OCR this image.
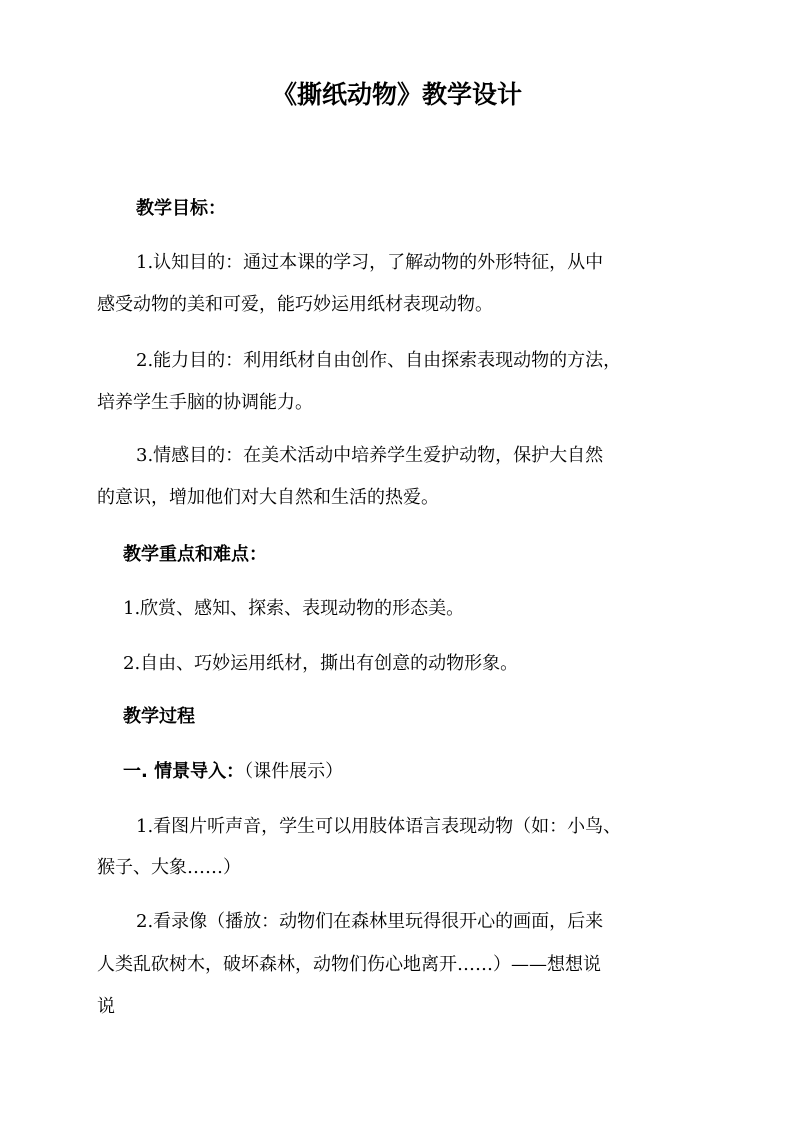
《撕纸动物》教学设计

教学目标：

1.认知目的：通过本课的学习，了解动物的外形特征，从中

感受动物的美和可爱，能巧妙运用纸材表现动物。

2.能力目的：利用纸材自由创作、自由探索表现动物的方法，

培养学生手脑的协调能力。

3.情感目的：在美术活动中培养学生爱护动物，保护大自然

的意识，增加他们对大自然和生活的热爱。

教学重点和难点：

1.欣赏、感知、探索、表现动物的形态美。

2.自由、巧妙运用纸材，撕出有创意的动物形象。

教学过程

一. 情景导入：（课件展示）

1.看图片听声音，学生可以用肢体语言表现动物（如：小鸟、

猴子、大象……）

2.看录像（播放：动物们在森林里玩得很开心的画面，后来

人类乱砍树木，破坏森林，动物们伤心地离开……）——想想说

说
